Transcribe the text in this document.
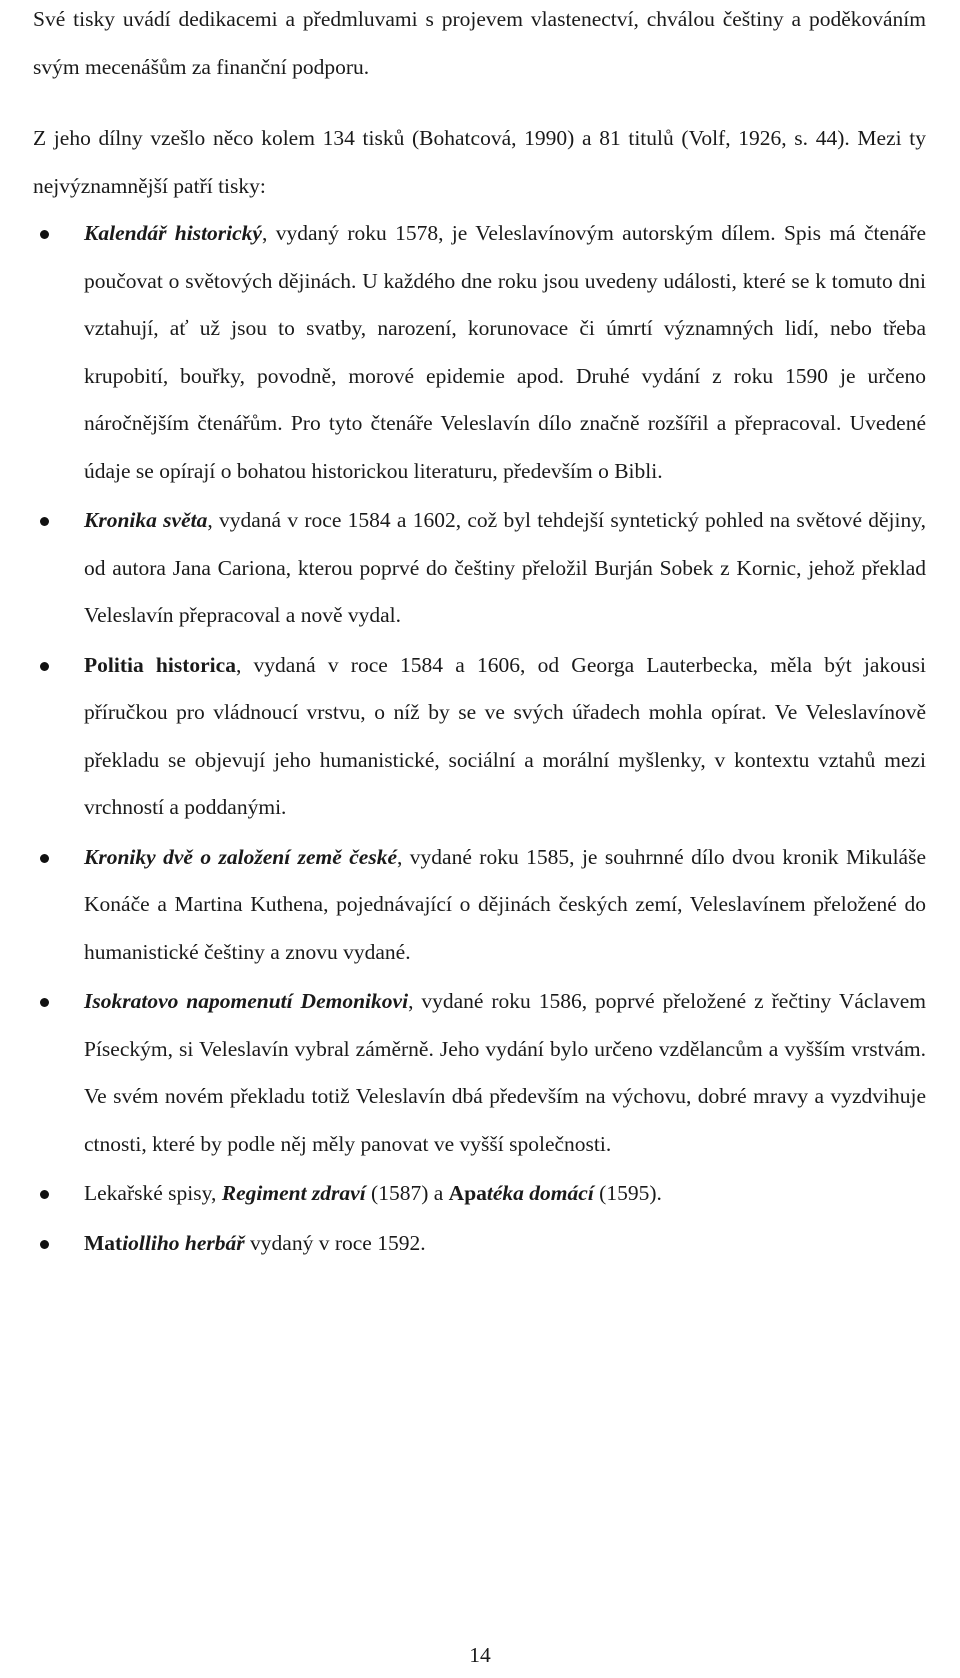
Své tisky uvádí dedikacemi a předmluvami s projevem vlastenectví, chválou češtiny a poděkováním svým mecenášům za finanční podporu.

Z jeho dílny vzešlo něco kolem 134 tisků (Bohatcová, 1990) a 81 titulů (Volf, 1926, s. 44). Mezi ty nejvýznamnější patří tisky:

Kalendář historický, vydaný roku 1578, je Veleslavínovým autorským dílem. Spis má čtenáře poučovat o světových dějinách. U každého dne roku jsou uvedeny události, které se k tomuto dni vztahují, ať už jsou to svatby, narození, korunovace či úmrtí významných lidí, nebo třeba krupobití, bouřky, povodně, morové epidemie apod. Druhé vydání z roku 1590 je určeno náročnějším čtenářům. Pro tyto čtenáře Veleslavín dílo značně rozšířil a přepracoval. Uvedené údaje se opírají o bohatou historickou literaturu, především o Bibli.
Kronika světa, vydaná v roce 1584 a 1602, což byl tehdejší syntetický pohled na světové dějiny, od autora Jana Cariona, kterou poprvé do češtiny přeložil Burján Sobek z Kornic, jehož překlad Veleslavín přepracoval a nově vydal.
Politia historica, vydaná v roce 1584 a 1606, od Georga Lauterbecka, měla být jakousi příručkou pro vládnoucí vrstvu, o níž by se ve svých úřadech mohla opírat. Ve Veleslavínově překladu se objevují jeho humanistické, sociální a morální myšlenky, v kontextu vztahů mezi vrchností a poddanými.
Kroniky dvě o založení země české, vydané roku 1585, je souhrnné dílo dvou kronik Mikuláše Konáče a Martina Kuthena, pojednávající o dějinách českých zemí, Veleslavínem přeložené do humanistické češtiny a znovu vydané.
Isokratovo napomenutí Demonikovi, vydané roku 1586, poprvé přeložené z řečtiny Václavem Píseckým, si Veleslavín vybral záměrně. Jeho vydání bylo určeno vzdělancům a vyšším vrstvám. Ve svém novém překladu totiž Veleslavín dbá především na výchovu, dobré mravy a vyzdvihuje ctnosti, které by podle něj měly panovat ve vyšší společnosti.
Lekařské spisy, Regiment zdraví (1587) a Apatéka domácí (1595).
Matiolliho herbář vydaný v roce 1592.
14
